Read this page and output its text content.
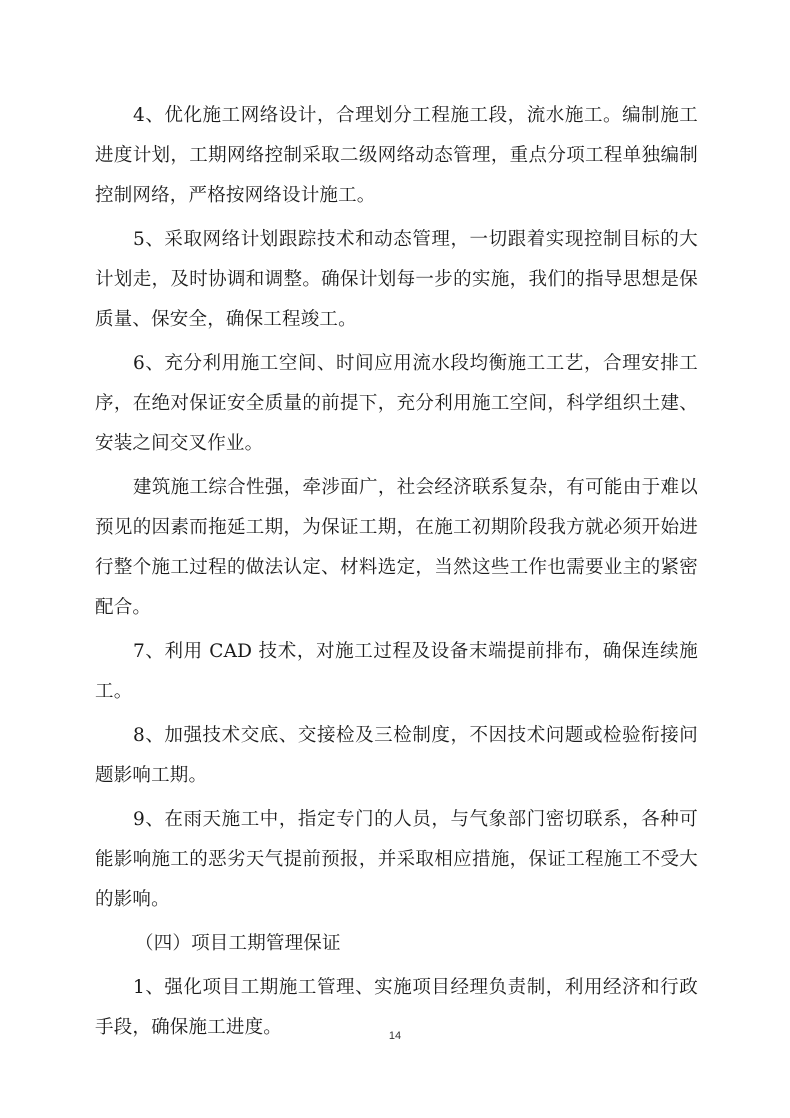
4、优化施工网络设计，合理划分工程施工段，流水施工。编制施工进度计划，工期网络控制采取二级网络动态管理，重点分项工程单独编制控制网络，严格按网络设计施工。

5、采取网络计划跟踪技术和动态管理，一切跟着实现控制目标的大计划走，及时协调和调整。确保计划每一步的实施，我们的指导思想是保质量、保安全，确保工程竣工。

6、充分利用施工空间、时间应用流水段均衡施工工艺，合理安排工序，在绝对保证安全质量的前提下，充分利用施工空间，科学组织土建、安装之间交叉作业。

建筑施工综合性强，牵涉面广，社会经济联系复杂，有可能由于难以预见的因素而拖延工期，为保证工期，在施工初期阶段我方就必须开始进行整个施工过程的做法认定、材料选定，当然这些工作也需要业主的紧密配合。

7、利用 CAD 技术，对施工过程及设备末端提前排布，确保连续施工。

8、加强技术交底、交接检及三检制度，不因技术问题或检验衔接问题影响工期。

9、在雨天施工中，指定专门的人员，与气象部门密切联系，各种可能影响施工的恶劣天气提前预报，并采取相应措施，保证工程施工不受大的影响。

（四）项目工期管理保证

1、强化项目工期施工管理、实施项目经理负责制，利用经济和行政手段，确保施工进度。	14
